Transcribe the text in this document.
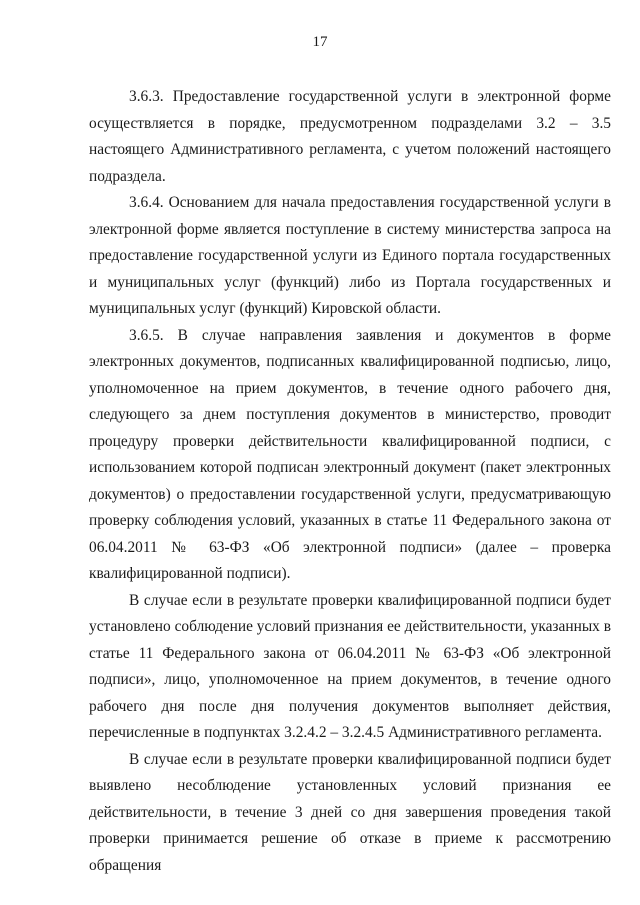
17

3.6.3. Предоставление государственной услуги в электронной форме осуществляется в порядке, предусмотренном подразделами 3.2 – 3.5 настоящего Административного регламента, с учетом положений настоящего подраздела.

3.6.4. Основанием для начала предоставления государственной услуги в электронной форме является поступление в систему министерства запроса на предоставление государственной услуги из Единого портала государственных и муниципальных услуг (функций) либо из Портала государственных и муниципальных услуг (функций) Кировской области.

3.6.5. В случае направления заявления и документов в форме электронных документов, подписанных квалифицированной подписью, лицо, уполномоченное на прием документов, в течение одного рабочего дня, следующего за днем поступления документов в министерство, проводит процедуру проверки действительности квалифицированной подписи, с использованием которой подписан электронный документ (пакет электронных документов) о предоставлении государственной услуги, предусматривающую проверку соблюдения условий, указанных в статье 11 Федерального закона от 06.04.2011 № 63-ФЗ «Об электронной подписи» (далее – проверка квалифицированной подписи).

В случае если в результате проверки квалифицированной подписи будет установлено соблюдение условий признания ее действительности, указанных в статье 11 Федерального закона от 06.04.2011 № 63-ФЗ «Об электронной подписи», лицо, уполномоченное на прием документов, в течение одного рабочего дня после дня получения документов выполняет действия, перечисленные в подпунктах 3.2.4.2 – 3.2.4.5 Административного регламента.

В случае если в результате проверки квалифицированной подписи будет выявлено несоблюдение установленных условий признания ее действительности, в течение 3 дней со дня завершения проведения такой проверки принимается решение об отказе в приеме к рассмотрению обращения
